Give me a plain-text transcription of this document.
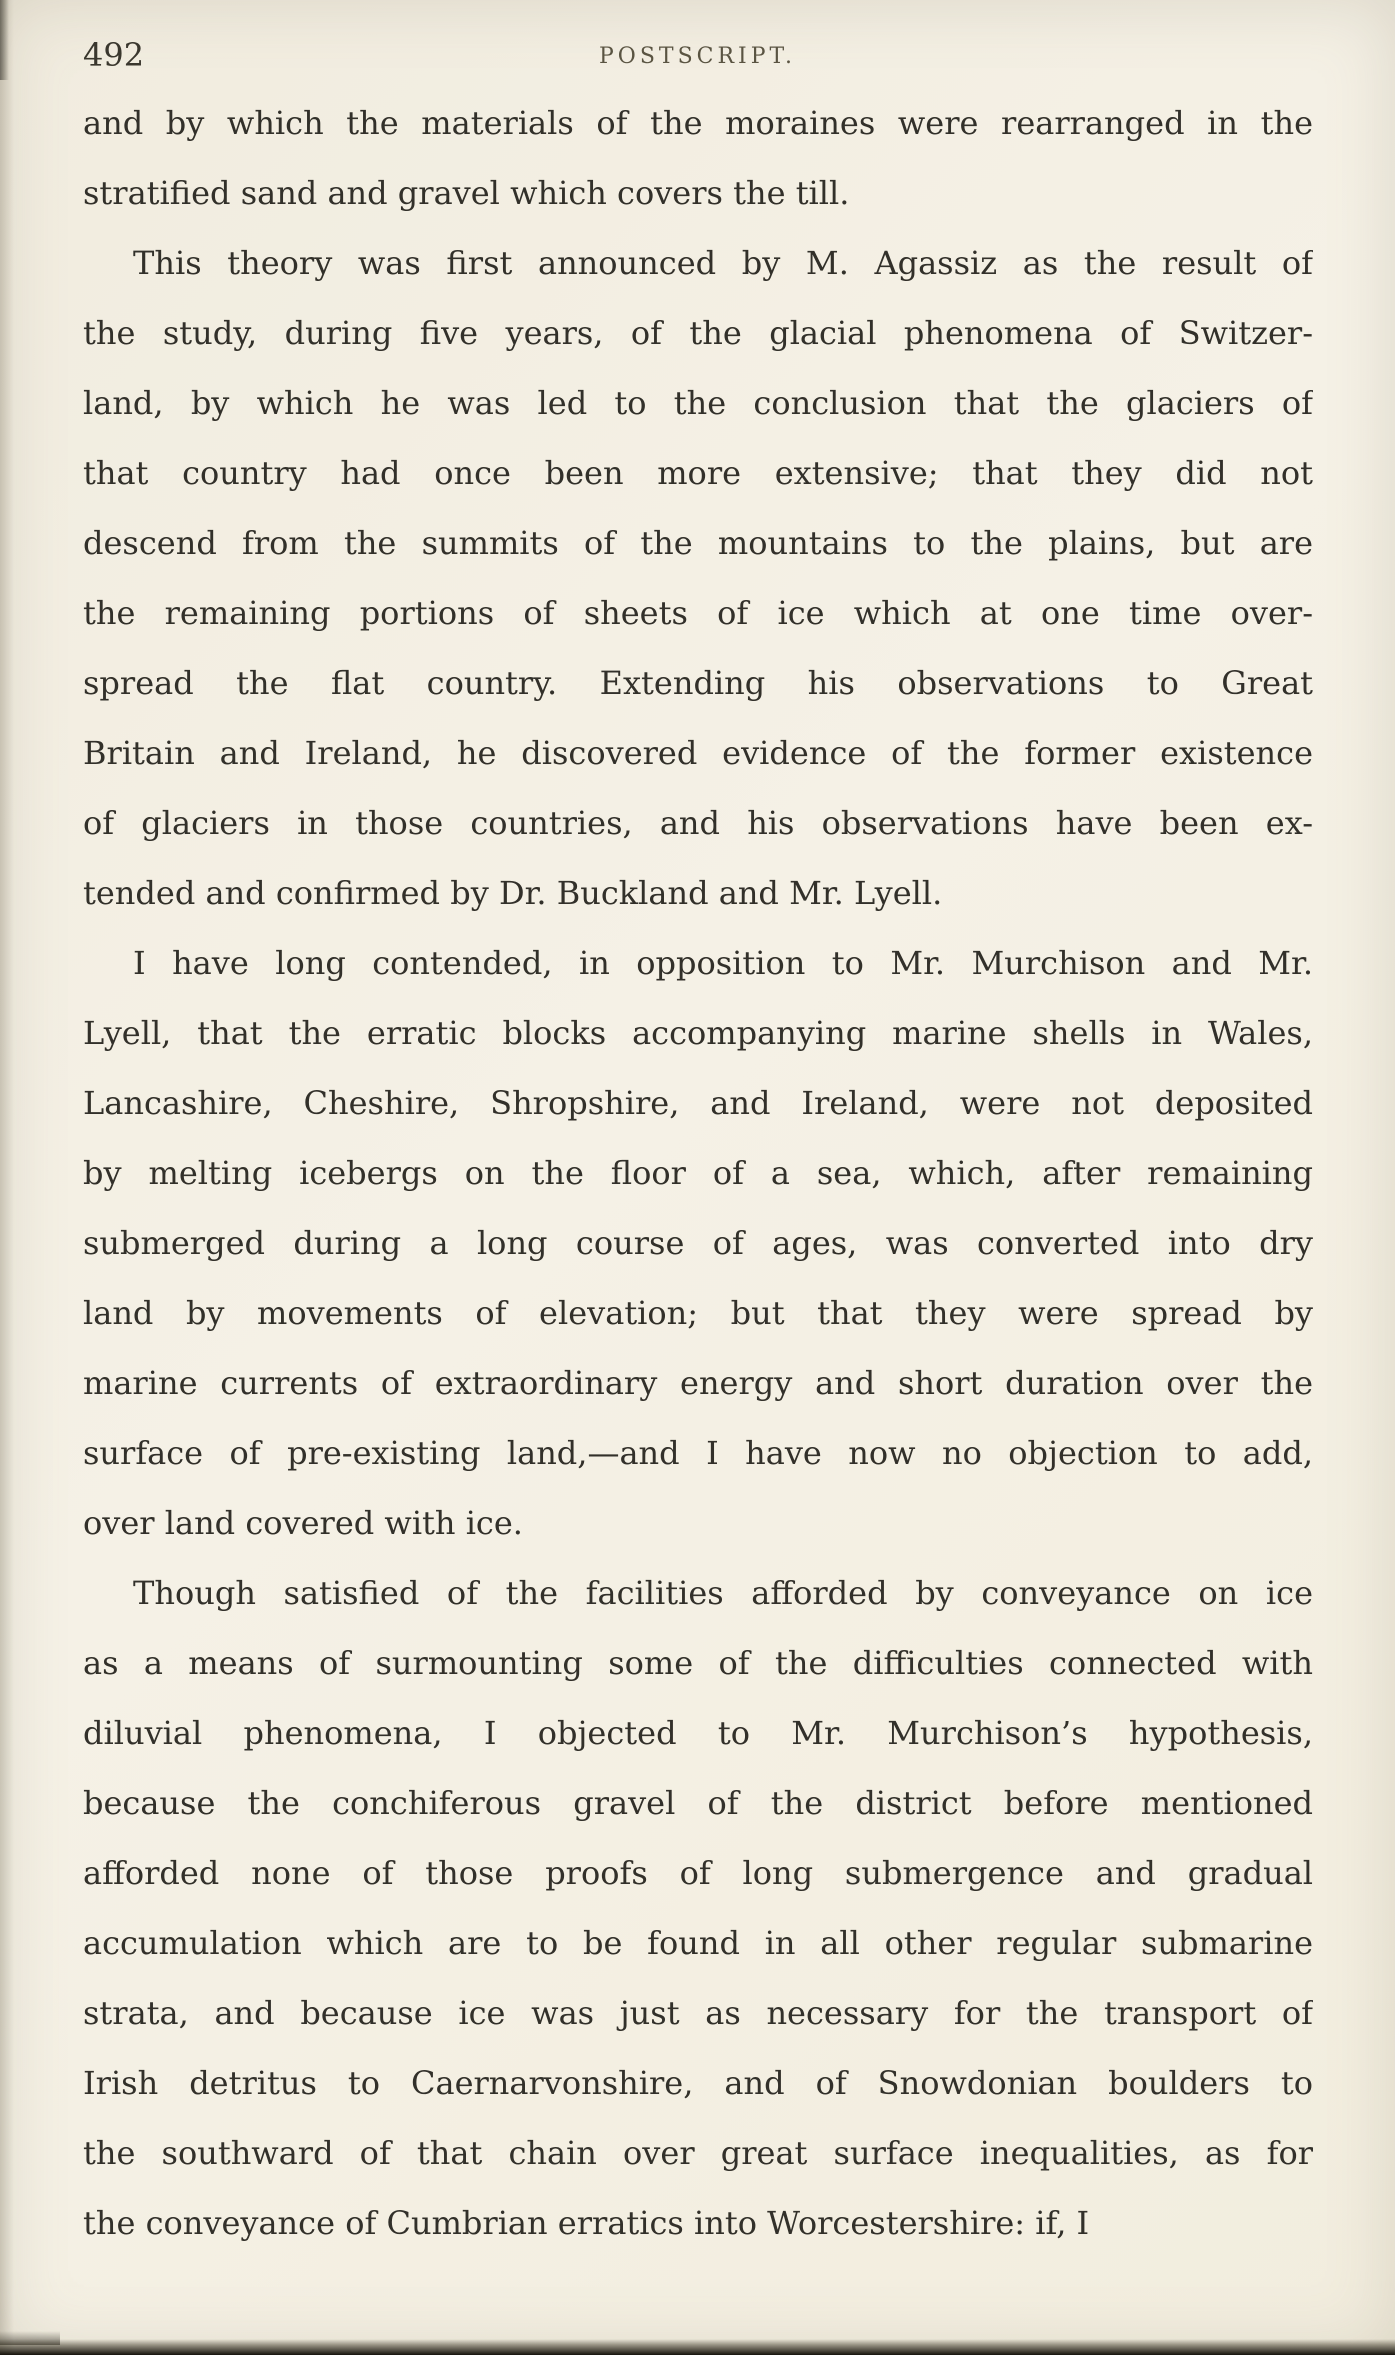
492	POSTSCRIPT.
and by which the materials of the moraines were rearranged in the
stratified sand and gravel which covers the till.
This theory was first announced by M. Agassiz as the result of
the study, during five years, of the glacial phenomena of Switzer-
land, by which he was led to the conclusion that the glaciers of
that country had once been more extensive; that they did not
descend from the summits of the mountains to the plains, but are
the remaining portions of sheets of ice which at one time over-
spread the flat country. Extending his observations to Great
Britain and Ireland, he discovered evidence of the former existence
of glaciers in those countries, and his observations have been ex-
tended and confirmed by Dr. Buckland and Mr. Lyell.
I have long contended, in opposition to Mr. Murchison and Mr.
Lyell, that the erratic blocks accompanying marine shells in Wales,
Lancashire, Cheshire, Shropshire, and Ireland, were not deposited
by melting icebergs on the floor of a sea, which, after remaining
submerged during a long course of ages, was converted into dry
land by movements of elevation; but that they were spread by
marine currents of extraordinary energy and short duration over the
surface of pre-existing land,—and I have now no objection to add,
over land covered with ice.
Though satisfied of the facilities afforded by conveyance on ice
as a means of surmounting some of the difficulties connected with
diluvial phenomena, I objected to Mr. Murchison’s hypothesis,
because the conchiferous gravel of the district before mentioned
afforded none of those proofs of long submergence and gradual
accumulation which are to be found in all other regular submarine
strata, and because ice was just as necessary for the transport of
Irish detritus to Caernarvonshire, and of Snowdonian boulders to
the southward of that chain over great surface inequalities, as for
the conveyance of Cumbrian erratics into Worcestershire: if, I
